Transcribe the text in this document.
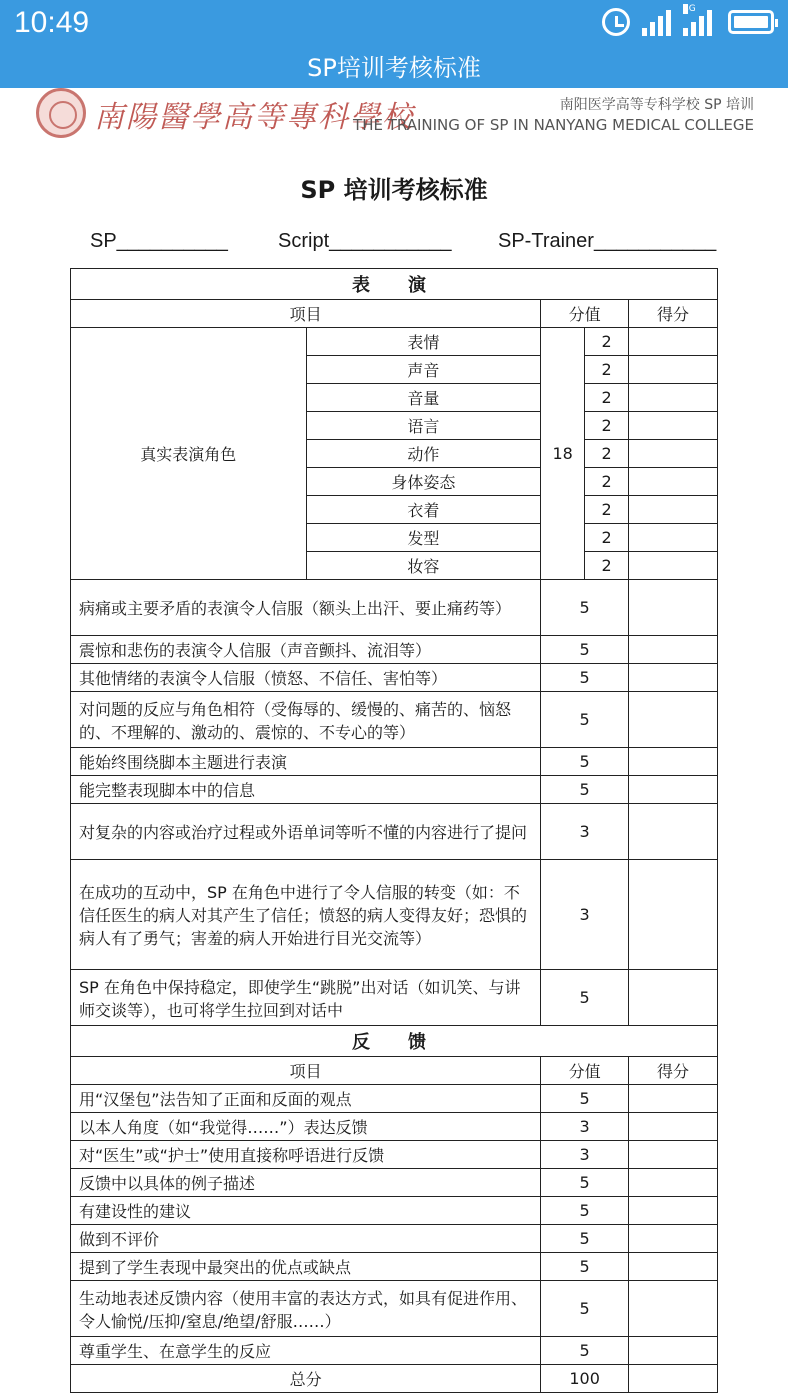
10:49	4G
SP培训考核标准
南陽醫學高等專科學校	南阳医学高等专科学校 SP 培训
THE TRAINING OF SP IN NANYANG MEDICAL COLLEGE
SP 培训考核标准
SP__________	Script___________ SP-Trainer___________
表　演				
项目		分值		得分
真实表演角色	表情	18	2	
	声音		2	
	音量		2	
	语言		2	
	动作		2	
	身体姿态		2	
	衣着		2	
	发型		2	
	妆容		2	
病痛或主要矛盾的表演令人信服（额头上出汗、要止痛药等）		5		
震惊和悲伤的表演令人信服（声音颤抖、流泪等）		5		
其他情绪的表演令人信服（愤怒、不信任、害怕等）		5		
对问题的反应与角色相符（受侮辱的、缓慢的、痛苦的、恼怒的、不理解的、激动的、震惊的、不专心的等）		5		
能始终围绕脚本主题进行表演		5		
能完整表现脚本中的信息		5		
对复杂的内容或治疗过程或外语单词等听不懂的内容进行了提问		3		
在成功的互动中，SP 在角色中进行了令人信服的转变（如：不信任医生的病人对其产生了信任；愤怒的病人变得友好；恐惧的病人有了勇气；害羞的病人开始进行目光交流等）		3		
SP 在角色中保持稳定，即使学生“跳脱”出对话（如讥笑、与讲师交谈等），也可将学生拉回到对话中		5		
反　馈				
项目		分值		得分
用“汉堡包”法告知了正面和反面的观点		5		
以本人角度（如“我觉得……”）表达反馈		3		
对“医生”或“护士”使用直接称呼语进行反馈		3		
反馈中以具体的例子描述		5		
有建设性的建议		5		
做到不评价		5		
提到了学生表现中最突出的优点或缺点		5		
生动地表述反馈内容（使用丰富的表达方式，如具有促进作用、令人愉悦/压抑/窒息/绝望/舒服……）		5		
尊重学生、在意学生的反应		5		
总分		100		
